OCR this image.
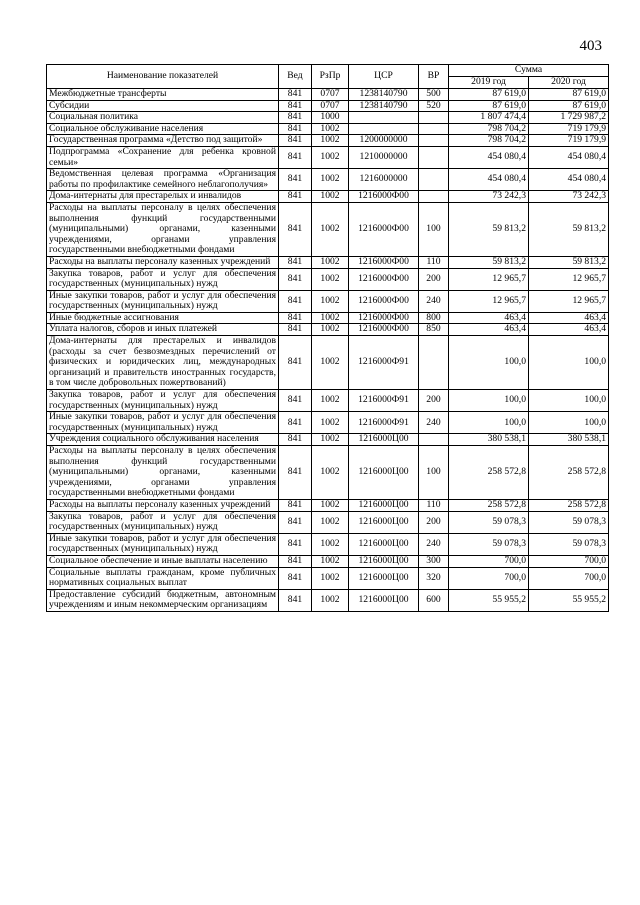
403
Наименование показателей	Вед	РзПр	ЦСР	ВР	Сумма	
					2019 год	2020 год
Межбюджетные трансферты	841	0707	1238140790	500	87 619,0	87 619,0
Субсидии	841	0707	1238140790	520	87 619,0	87 619,0
Социальная политика	841	1000			1 807 474,4	1 729 987,2
Социальное обслуживание населения	841	1002			798 704,2	719 179,9
Государственная программа «Детство под защитой»	841	1002	1200000000		798 704,2	719 179,9
Подпрограмма «Сохранение для ребенка кровной семьи»	841	1002	1210000000		454 080,4	454 080,4
Ведомственная целевая программа «Организация работы по профилактике семейного неблагополучия»	841	1002	1216000000		454 080,4	454 080,4
Дома-интернаты для престарелых и инвалидов	841	1002	1216000Ф00		73 242,3	73 242,3
Расходы на выплаты персоналу в целях обеспечения выполнения функций государственными (муниципальными) органами, казенными учреждениями, органами управления государственными внебюджетными фондами	841	1002	1216000Ф00	100	59 813,2	59 813,2
Расходы на выплаты персоналу казенных учреждений	841	1002	1216000Ф00	110	59 813,2	59 813,2
Закупка товаров, работ и услуг для обеспечения государственных (муниципальных) нужд	841	1002	1216000Ф00	200	12 965,7	12 965,7
Иные закупки товаров, работ и услуг для обеспечения государственных (муниципальных) нужд	841	1002	1216000Ф00	240	12 965,7	12 965,7
Иные бюджетные ассигнования	841	1002	1216000Ф00	800	463,4	463,4
Уплата налогов, сборов и иных платежей	841	1002	1216000Ф00	850	463,4	463,4
Дома-интернаты для престарелых и инвалидов (расходы за счет безвозмездных перечислений от физических и юридических лиц, международных организаций и правительств иностранных государств, в том числе добровольных пожертвований)	841	1002	1216000Ф91		100,0	100,0
Закупка товаров, работ и услуг для обеспечения государственных (муниципальных) нужд	841	1002	1216000Ф91	200	100,0	100,0
Иные закупки товаров, работ и услуг для обеспечения государственных (муниципальных) нужд	841	1002	1216000Ф91	240	100,0	100,0
Учреждения социального обслуживания населения	841	1002	1216000Ц00		380 538,1	380 538,1
Расходы на выплаты персоналу в целях обеспечения выполнения функций государственными (муниципальными) органами, казенными учреждениями, органами управления государственными внебюджетными фондами	841	1002	1216000Ц00	100	258 572,8	258 572,8
Расходы на выплаты персоналу казенных учреждений	841	1002	1216000Ц00	110	258 572,8	258 572,8
Закупка товаров, работ и услуг для обеспечения государственных (муниципальных) нужд	841	1002	1216000Ц00	200	59 078,3	59 078,3
Иные закупки товаров, работ и услуг для обеспечения государственных (муниципальных) нужд	841	1002	1216000Ц00	240	59 078,3	59 078,3
Социальное обеспечение и иные выплаты населению	841	1002	1216000Ц00	300	700,0	700,0
Социальные выплаты гражданам, кроме публичных нормативных социальных выплат	841	1002	1216000Ц00	320	700,0	700,0
Предоставление субсидий бюджетным, автономным учреждениям и иным некоммерческим организациям	841	1002	1216000Ц00	600	55 955,2	55 955,2
